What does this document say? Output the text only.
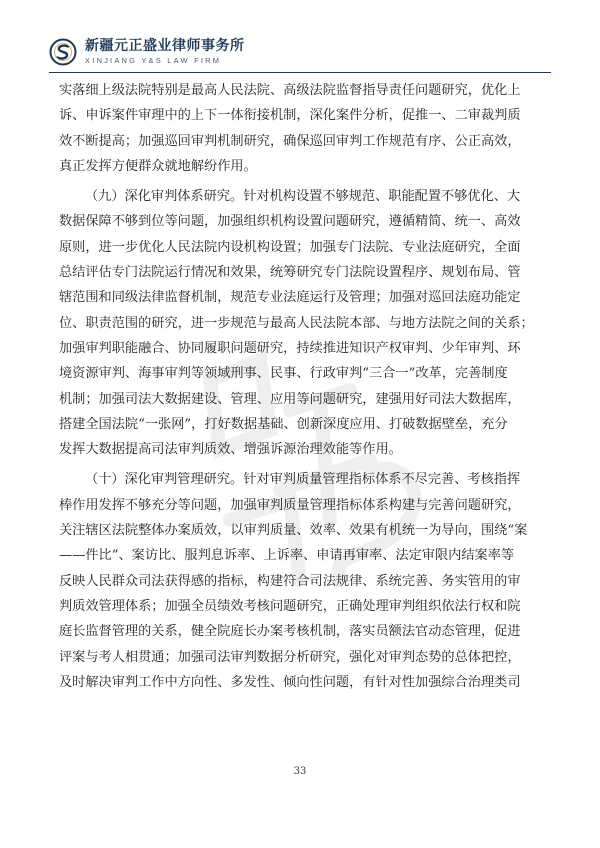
新疆元正盛业律师事务所
XINJIANG Y&S LAW FIRM
实落细上级法院特别是最高人民法院、高级法院监督指导责任问题研究，优化上
诉、申诉案件审理中的上下一体衔接机制，深化案件分析，促推一、二审裁判质
效不断提高；加强巡回审判机制研究，确保巡回审判工作规范有序、公正高效，
真正发挥方便群众就地解纷作用。
（九）深化审判体系研究。针对机构设置不够规范、职能配置不够优化、大
数据保障不够到位等问题，加强组织机构设置问题研究，遵循精简、统一、高效
原则，进一步优化人民法院内设机构设置；加强专门法院、专业法庭研究，全面
总结评估专门法院运行情况和效果，统筹研究专门法院设置程序、规划布局、管
辖范围和同级法律监督机制，规范专业法庭运行及管理；加强对巡回法庭功能定
位、职责范围的研究，进一步规范与最高人民法院本部、与地方法院之间的关系；
加强审判职能融合、协同履职问题研究，持续推进知识产权审判、少年审判、环
境资源审判、海事审判等领域刑事、民事、行政审判“三合一”改革，完善制度
机制；加强司法大数据建设、管理、应用等问题研究，建强用好司法大数据库，
搭建全国法院“一张网”，打好数据基础、创新深度应用、打破数据壁垒，充分
发挥大数据提高司法审判质效、增强诉源治理效能等作用。
（十）深化审判管理研究。针对审判质量管理指标体系不尽完善、考核指挥
棒作用发挥不够充分等问题，加强审判质量管理指标体系构建与完善问题研究，
关注辖区法院整体办案质效，以审判质量、效率、效果有机统一为导向，围绕“案
——件比”、案访比、服判息诉率、上诉率、申请再审率、法定审限内结案率等
反映人民群众司法获得感的指标，构建符合司法规律、系统完善、务实管用的审
判质效管理体系；加强全员绩效考核问题研究，正确处理审判组织依法行权和院
庭长监督管理的关系，健全院庭长办案考核机制，落实员额法官动态管理，促进
评案与考人相贯通；加强司法审判数据分析研究，强化对审判态势的总体把控，
及时解决审判工作中方向性、多发性、倾向性问题，有针对性加强综合治理类司
33
